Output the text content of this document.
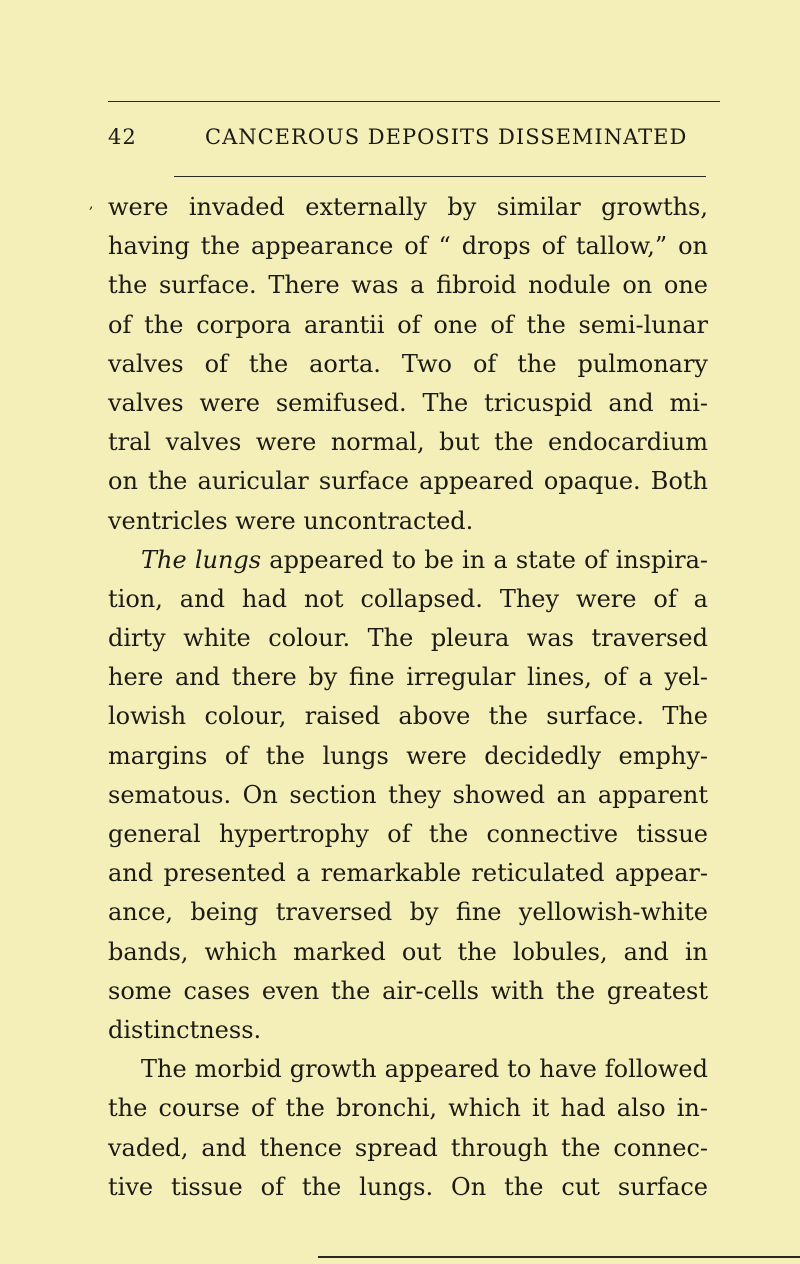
42	CANCEROUS DEPOSITS DISSEMINATED
, were invaded externally by similar growths,
having the appearance of “ drops of tallow,” on
the surface. There was a fibroid nodule on one
of the corpora arantii of one of the semi-lunar
valves of the aorta. Two of the pulmonary
valves were semifused. The tricuspid and mi-
tral valves were normal, but the endocardium
on the auricular surface appeared opaque. Both
ventricles were uncontracted.
The lungs appeared to be in a state of inspira-
tion, and had not collapsed. They were of a
dirty white colour. The pleura was traversed
here and there by fine irregular lines, of a yel-
lowish colour, raised above the surface. The
margins of the lungs were decidedly emphy-
sematous. On section they showed an apparent
general hypertrophy of the connective tissue
and presented a remarkable reticulated appear-
ance, being traversed by fine yellowish-white
bands, which marked out the lobules, and in
some cases even the air-cells with the greatest
distinctness.
The morbid growth appeared to have followed
the course of the bronchi, which it had also in-
vaded, and thence spread through the connec-
tive tissue of the lungs. On the cut surface
